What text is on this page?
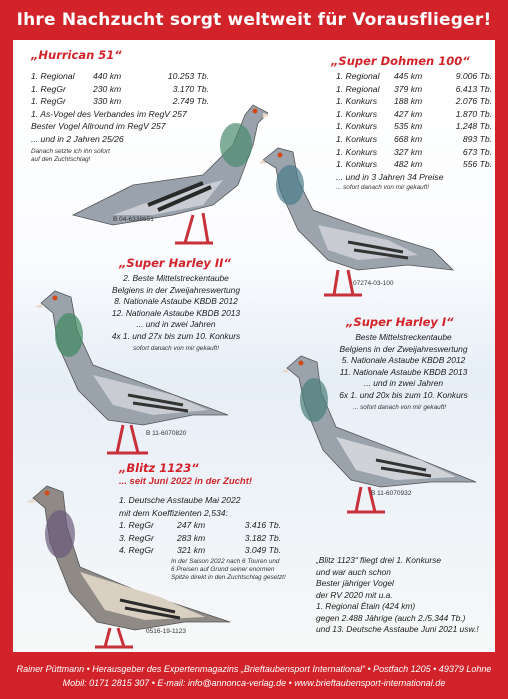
Ihre Nachzucht sorgt weltweit für Vorausflieger!
„Hurrican 51“
1. Regional 440 km	10.253 Tb.
1. RegGr	230 km	3.170 Tb.
1. RegGr	330 km	2.749 Tb.
1. As-Vogel des Verbandes im RegV 257
Bester Vogel Allround im RegV 257
... und in 2 Jahren 25/26
Danach setzte ich ihn sofort
auf den Zuchtschlag!
B 04-6338651
„Super Dohmen 100“
1. Regional 445 km	9.006 Tb.
1. Regional 379 km	6.413 Tb.
1. Konkurs 188 km	2.076 Tb.
1. Konkurs 427 km	1.870 Tb.
1. Konkurs 535 km	1.248 Tb.
1. Konkurs 668 km	893 Tb.
1. Konkurs 327 km	673 Tb.
1. Konkurs 482 km	556 Tb.
... und in 3 Jahren 34 Preise
... sofort danach von mir gekauft!
07274-03-100
„Super Harley II“
2. Beste Mittelstreckentaube
Belgiens in der Zweijahreswertung
8. Nationale Astaube KBDB 2012
12. Nationale Astaube KBDB 2013
... und in zwei Jahren
4x 1. und 27x bis zum 10. Konkurs
sofort danach von mir gekauft!
B 11-6070820
„Super Harley I“
Beste Mittelstreckentaube
Belgiens in der Zweijahreswertung
5. Nationale Astaube KBDB 2012
11. Nationale Astaube KBDB 2013
... und in zwei Jahren
6x 1. und 20x bis zum 10. Konkurs
... sofort danach von mir gekauft!
B 11-6070932
„Blitz 1123“
... seit Juni 2022 in der Zucht!
1. Deutsche Asstaube Mai 2022
mit dem Koeffizienten 2,534:
1. RegGr	247 km	3.416 Tb.
3. RegGr	283 km	3.182 Tb.
4. RegGr	321 km	3.049 Tb.
In der Saison 2022 nach 6 Touren und
6 Preisen auf Grund seiner enormen
Spitze direkt in den Zuchtschlag gesetzt!
„Blitz 1123“ fliegt drei 1. Konkurse
und war auch schon
Bester jähriger Vogel
der RV 2020 mit u.a.
1. Regional Étain (424 km)
gegen 2.488 Jährige (auch 2./5.344 Tb.)
und 13. Deutsche Asstaube Juni 2021 usw.!
0516-19-1123
Rainer Püttmann • Herausgeber des Expertenmagazins „Brieftaubensport International“ • Postfach 1205 • 49379 Lohne
Mobil: 0171 2815 307 • E-mail: info@annonca-verlag.de • www.brieftaubensport-international.de
